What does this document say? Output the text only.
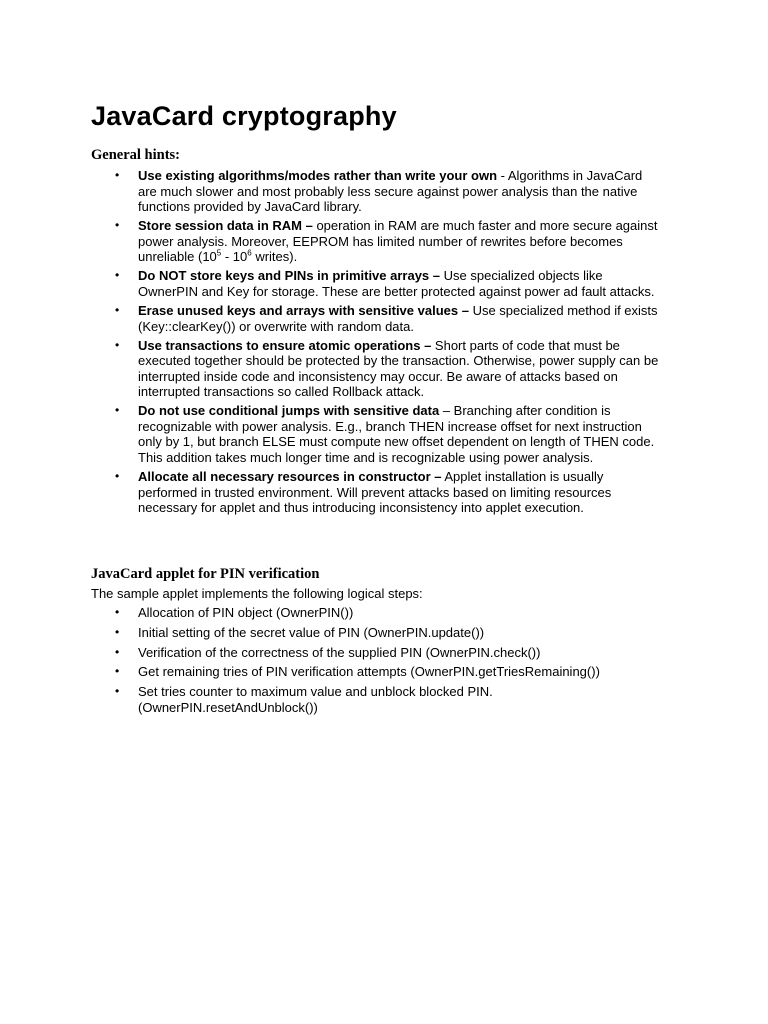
JavaCard cryptography
General hints:
• Use existing algorithms/modes rather than write your own - Algorithms in JavaCard are much slower and most probably less secure against power analysis than the native functions provided by JavaCard library.
• Store session data in RAM – operation in RAM are much faster and more secure against power analysis. Moreover, EEPROM has limited number of rewrites before becomes unreliable ($10^5 - 10^6$ writes).
• Do NOT store keys and PINs in primitive arrays – Use specialized objects like OwnerPIN and Key for storage. These are better protected against power ad fault attacks.
• Erase unused keys and arrays with sensitive values – Use specialized method if exists (Key::clearKey()) or overwrite with random data.
• Use transactions to ensure atomic operations – Short parts of code that must be executed together should be protected by the transaction. Otherwise, power supply can be interrupted inside code and inconsistency may occur. Be aware of attacks based on interrupted transactions so called Rollback attack.
• Do not use conditional jumps with sensitive data – Branching after condition is recognizable with power analysis. E.g., branch THEN increase offset for next instruction only by 1, but branch ELSE must compute new offset dependent on length of THEN code. This addition takes much longer time and is recognizable using power analysis.
• Allocate all necessary resources in constructor – Applet installation is usually performed in trusted environment. Will prevent attacks based on limiting resources necessary for applet and thus introducing inconsistency into applet execution.
JavaCard applet for PIN verification

The sample applet implements the following logical steps:

• Allocation of PIN object (OwnerPIN())
• Initial setting of the secret value of PIN (OwnerPIN.update())
• Verification of the correctness of the supplied PIN (OwnerPIN.check())
• Get remaining tries of PIN verification attempts (OwnerPIN.getTriesRemaining())
• Set tries counter to maximum value and unblock blocked PIN. (OwnerPIN.resetAndUnblock())
